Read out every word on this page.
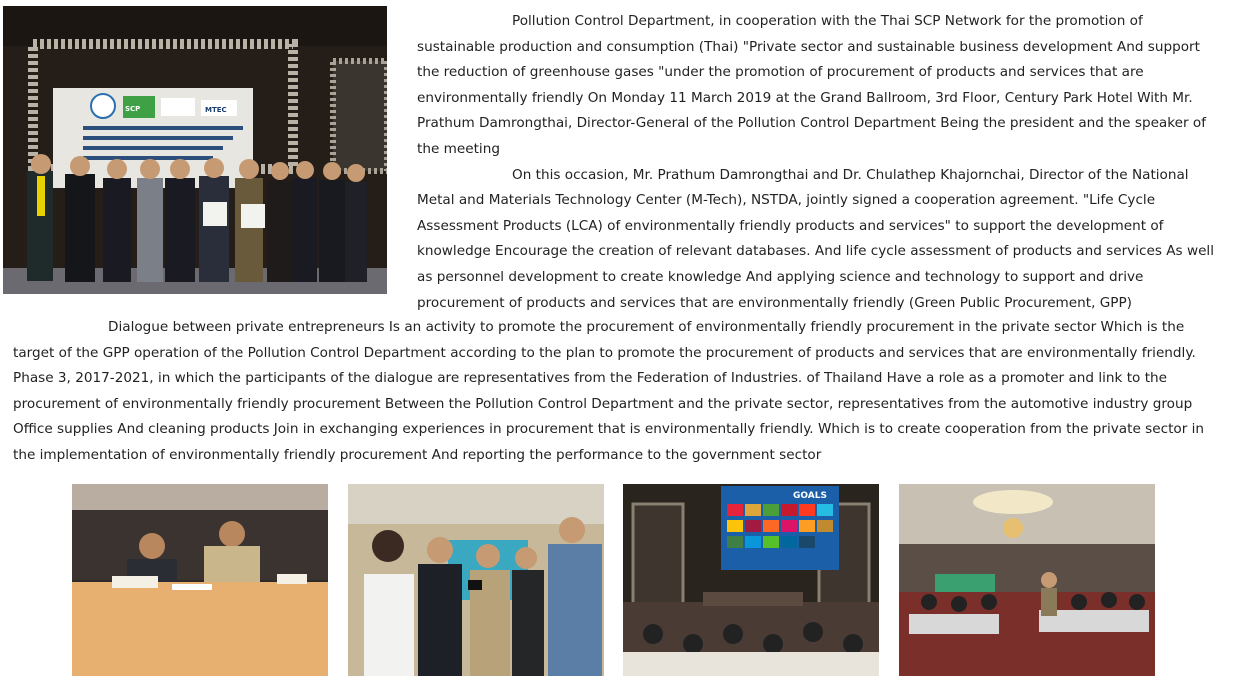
SCP	MTEC

Pollution Control Department, in cooperation with the Thai SCP Network for the promotion of sustainable production and consumption (Thai) "Private sector and sustainable business development And support the reduction of greenhouse gases "under the promotion of procurement of products and services that are environmentally friendly On Monday 11 March 2019 at the Grand Ballroom, 3rd Floor, Century Park Hotel With Mr. Prathum Damrongthai, Director-General of the Pollution Control Department Being the president and the speaker of the meeting

On this occasion, Mr. Prathum Damrongthai and Dr. Chulathep Khajornchai, Director of the National Metal and Materials Technology Center (M-Tech), NSTDA, jointly signed a cooperation agreement. "Life Cycle Assessment Products (LCA) of environmentally friendly products and services" to support the development of knowledge Encourage the creation of relevant databases. And life cycle assessment of products and services As well as personnel development to create knowledge And applying science and technology to support and drive procurement of products and services that are environmentally friendly (Green Public Procurement, GPP)

Dialogue between private entrepreneurs Is an activity to promote the procurement of environmentally friendly procurement in the private sector Which is the target of the GPP operation of the Pollution Control Department according to the plan to promote the procurement of products and services that are environmentally friendly. Phase 3, 2017-2021, in which the participants of the dialogue are representatives from the Federation of Industries. of Thailand Have a role as a promoter and link to the procurement of environmentally friendly procurement Between the Pollution Control Department and the private sector, representatives from the automotive industry group Office supplies And cleaning products Join in exchanging experiences in procurement that is environmentally friendly. Which is to create cooperation from the private sector in the implementation of environmentally friendly procurement And reporting the performance to the government sector

GOALS
